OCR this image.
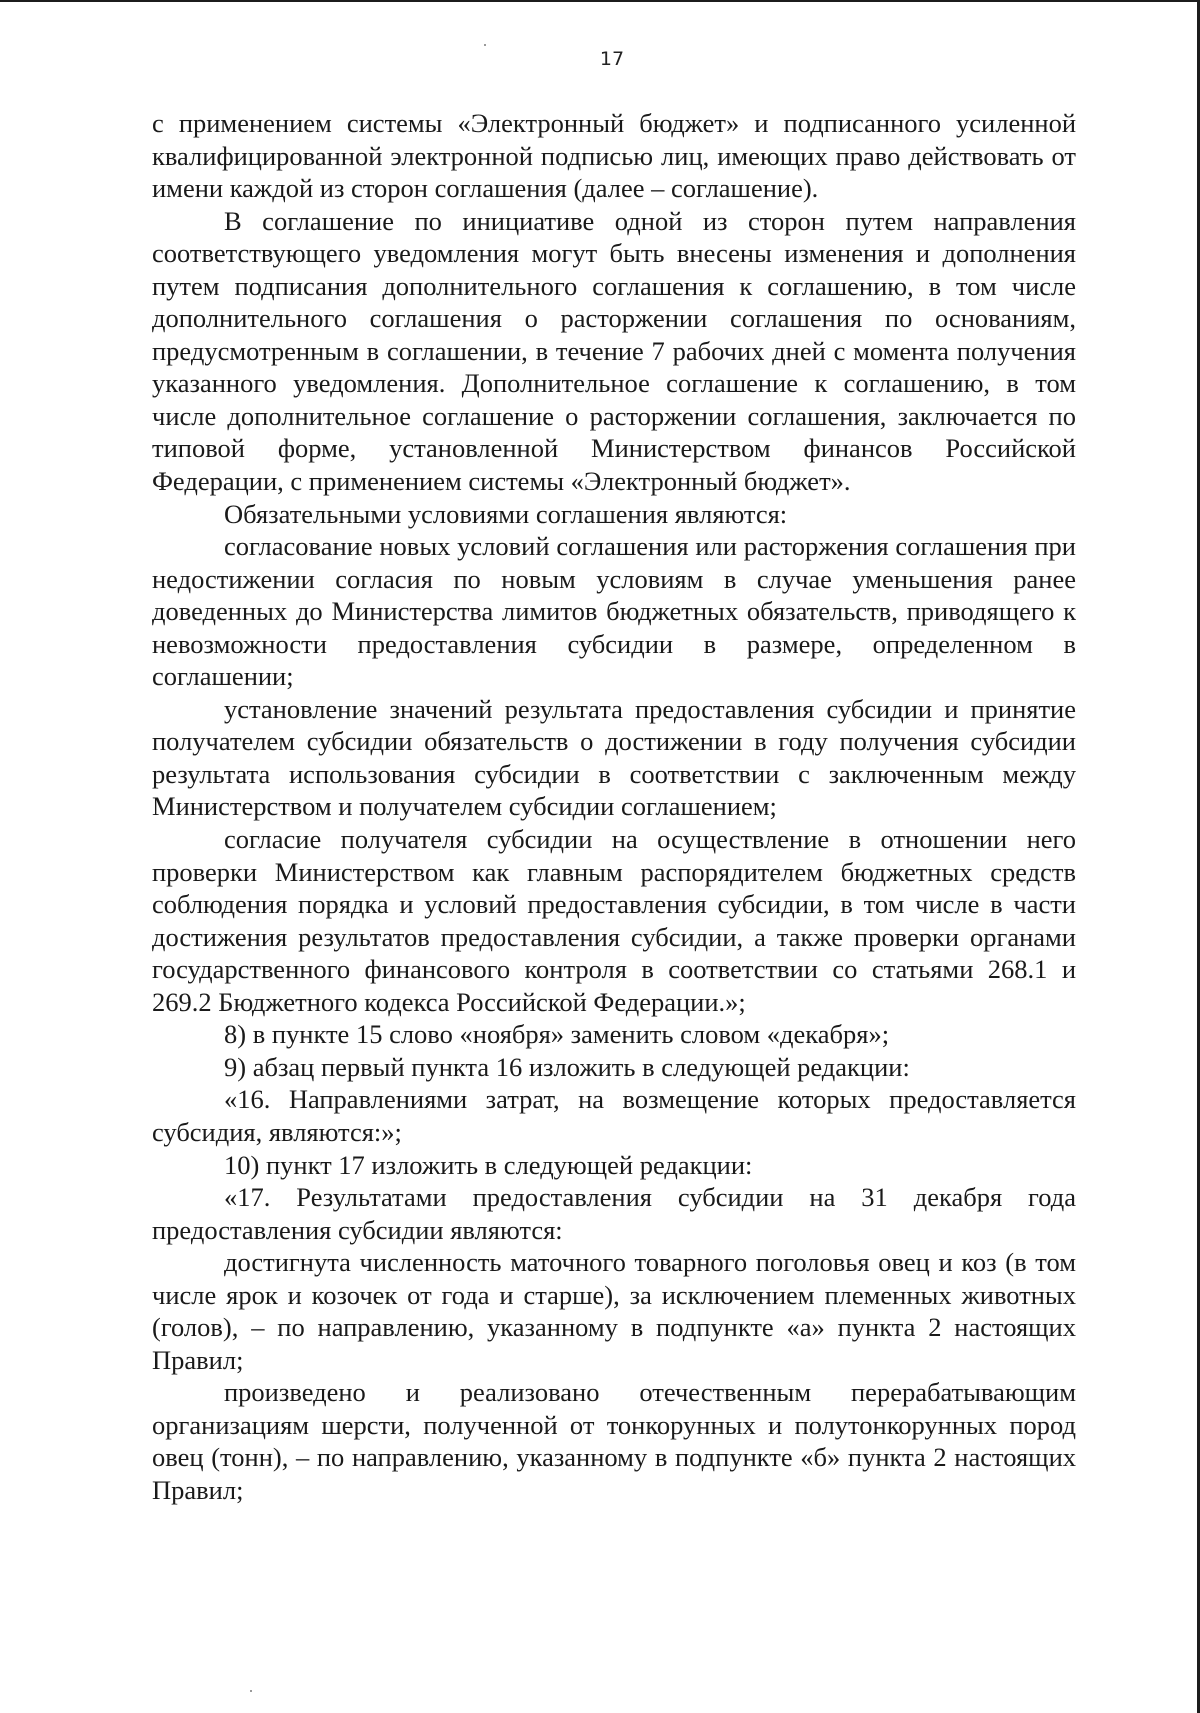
17

с применением системы «Электронный бюджет» и подписанного усиленной квалифицированной электронной подписью лиц, имеющих право действовать от имени каждой из сторон соглашения (далее – соглашение).

В соглашение по инициативе одной из сторон путем направления соответствующего уведомления могут быть внесены изменения и дополнения путем подписания дополнительного соглашения к соглашению, в том числе дополнительного соглашения о расторжении соглашения по основаниям, предусмотренным в соглашении, в течение 7 рабочих дней с момента получения указанного уведомления. Дополнительное соглашение к соглашению, в том числе дополнительное соглашение о расторжении соглашения, заключается по типовой форме, установленной Министерством финансов Российской Федерации, с применением системы «Электронный бюджет».

Обязательными условиями соглашения являются:

согласование новых условий соглашения или расторжения соглашения при недостижении согласия по новым условиям в случае уменьшения ранее доведенных до Министерства лимитов бюджетных обязательств, приводящего к невозможности предоставления субсидии в размере, определенном в соглашении;

установление значений результата предоставления субсидии и принятие получателем субсидии обязательств о достижении в году получения субсидии результата использования субсидии в соответствии с заключенным между Министерством и получателем субсидии соглашением;

согласие получателя субсидии на осуществление в отношении него проверки Министерством как главным распорядителем бюджетных средств соблюдения порядка и условий предоставления субсидии, в том числе в части достижения результатов предоставления субсидии, а также проверки органами государственного финансового контроля в соответствии со статьями 268.1 и 269.2 Бюджетного кодекса Российской Федерации.»;

8) в пункте 15 слово «ноября» заменить словом «декабря»;

9) абзац первый пункта 16 изложить в следующей редакции:

«16. Направлениями затрат, на возмещение которых предоставляется субсидия, являются:»;

10) пункт 17 изложить в следующей редакции:

«17. Результатами предоставления субсидии на 31 декабря года предоставления субсидии являются:

достигнута численность маточного товарного поголовья овец и коз (в том числе ярок и козочек от года и старше), за исключением племенных животных (голов), – по направлению, указанному в подпункте «а» пункта 2 настоящих Правил;

произведено и реализовано отечественным перерабатывающим организациям шерсти, полученной от тонкорунных и полутонкорунных пород овец (тонн), – по направлению, указанному в подпункте «б» пункта 2 настоящих Правил;
